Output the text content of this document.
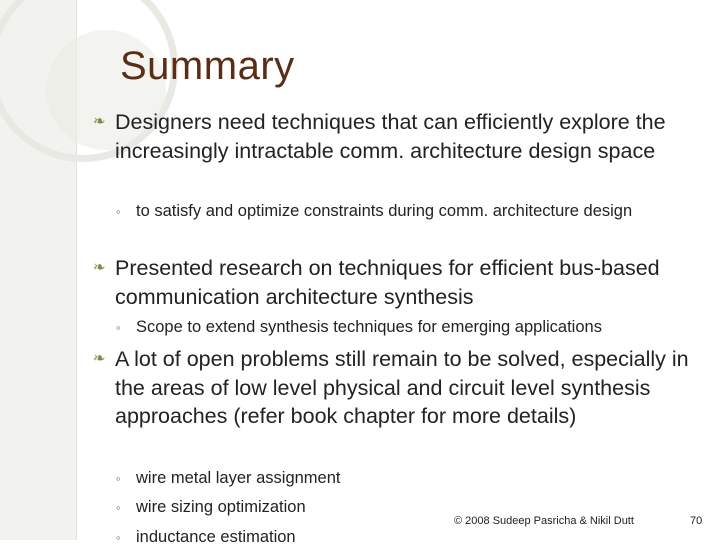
Summary
❧ Designers need techniques that can efficiently explore the increasingly intractable comm. architecture design space
◦ to satisfy and optimize constraints during comm. architecture design
❧ Presented research on techniques for efficient bus-based communication architecture synthesis
◦ Scope to extend synthesis techniques for emerging applications
❧ A lot of open problems still remain to be solved, especially in the areas of low level physical and circuit level synthesis approaches (refer book chapter for more details)
◦ wire metal layer assignment
◦ wire sizing optimization
◦ inductance estimation
© 2008 Sudeep Pasricha & Nikil Dutt	70
